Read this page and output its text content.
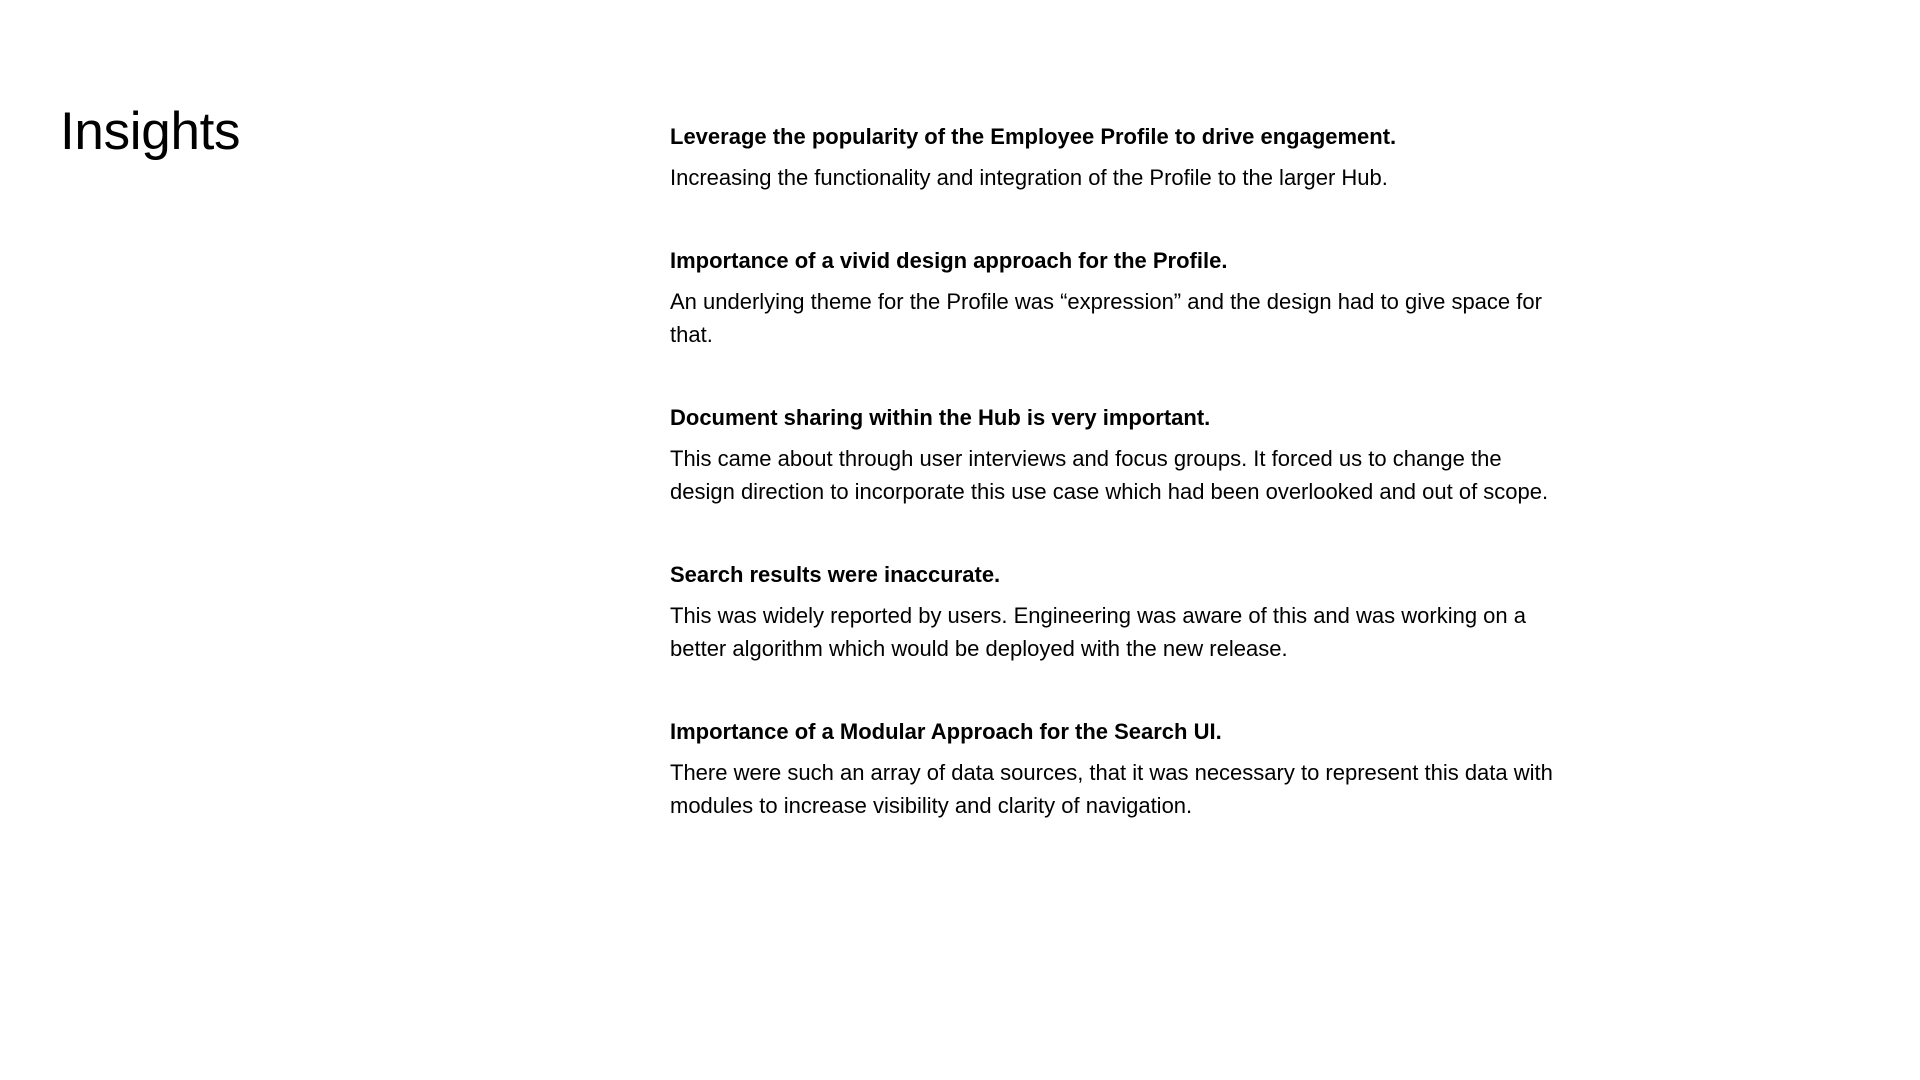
Insights	Leverage the popularity of the Employee Profile to drive engagement.

Increasing the functionality and integration of the Profile to the larger Hub.

Importance of a vivid design approach for the Profile.

An underlying theme for the Profile was “expression” and the design had to give space for that.

Document sharing within the Hub is very important.

This came about through user interviews and focus groups. It forced us to change the design direction to incorporate this use case which had been overlooked and out of scope.

Search results were inaccurate.

This was widely reported by users. Engineering was aware of this and was working on a better algorithm which would be deployed with the new release.

Importance of a Modular Approach for the Search UI.

There were such an array of data sources, that it was necessary to represent this data with modules to increase visibility and clarity of navigation.
